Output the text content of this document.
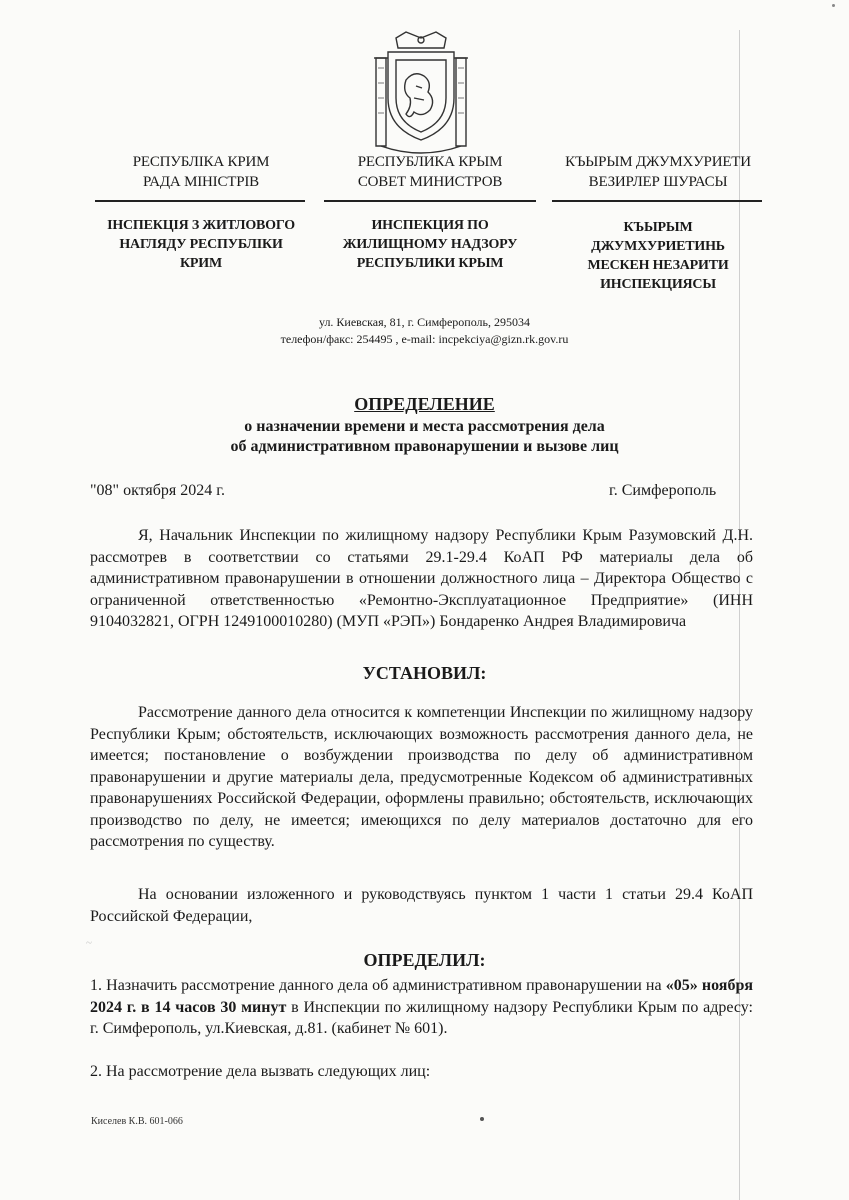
РЕСПУБЛІКА КРИМ
РАДА МІНІСТРІВ
РЕСПУБЛИКА КРЫМ
СОВЕТ МИНИСТРОВ
КЪЫРЫМ ДЖУМХУРИЕТИ
ВЕЗИРЛЕР ШУРАСЫ
ІНСПЕКЦІЯ З ЖИТЛОВОГО
НАГЛЯДУ РЕСПУБЛІКИ
КРИМ
ИНСПЕКЦИЯ ПО
ЖИЛИЩНОМУ НАДЗОРУ
РЕСПУБЛИКИ КРЫМ
КЪЫРЫМ
ДЖУМХУРИЕТИНЬ
МЕСКЕН НЕЗАРИТИ
ИНСПЕКЦИЯСЫ
ул. Киевская, 81, г. Симферополь, 295034
телефон/факс: 254495 , e-mail: incpekciya@gizn.rk.gov.ru
ОПРЕДЕЛЕНИЕ
о назначении времени и места рассмотрения дела
об административном правонарушении и вызове лиц
"08" октября 2024 г.	г. Симферополь
Я, Начальник Инспекции по жилищному надзору Республики Крым Разумовский Д.Н. рассмотрев в соответствии со статьями 29.1-29.4 КоАП РФ материалы дела об административном правонарушении в отношении должностного лица – Директора Общество с ограниченной ответственностью «Ремонтно-Эксплуатационное Предприятие» (ИНН 9104032821, ОГРН 1249100010280) (МУП «РЭП») Бондаренко Андрея Владимировича
УСТАНОВИЛ:
Рассмотрение данного дела относится к компетенции Инспекции по жилищному надзору Республики Крым; обстоятельств, исключающих возможность рассмотрения данного дела, не имеется; постановление о возбуждении производства по делу об административном правонарушении и другие материалы дела, предусмотренные Кодексом об административных правонарушениях Российской Федерации, оформлены правильно; обстоятельств, исключающих производство по делу, не имеется; имеющихся по делу материалов достаточно для его рассмотрения по существу.
На основании изложенного и руководствуясь пунктом 1 части 1 статьи 29.4 КоАП Российской Федерации,
~
ОПРЕДЕЛИЛ:
1. Назначить рассмотрение данного дела об административном правонарушении на «05» ноября 2024 г. в 14 часов 30 минут в Инспекции по жилищному надзору Республики Крым по адресу: г. Симферополь, ул.Киевская, д.81. (кабинет № 601).
2. На рассмотрение дела вызвать следующих лиц:
Киселев К.В. 601-066
